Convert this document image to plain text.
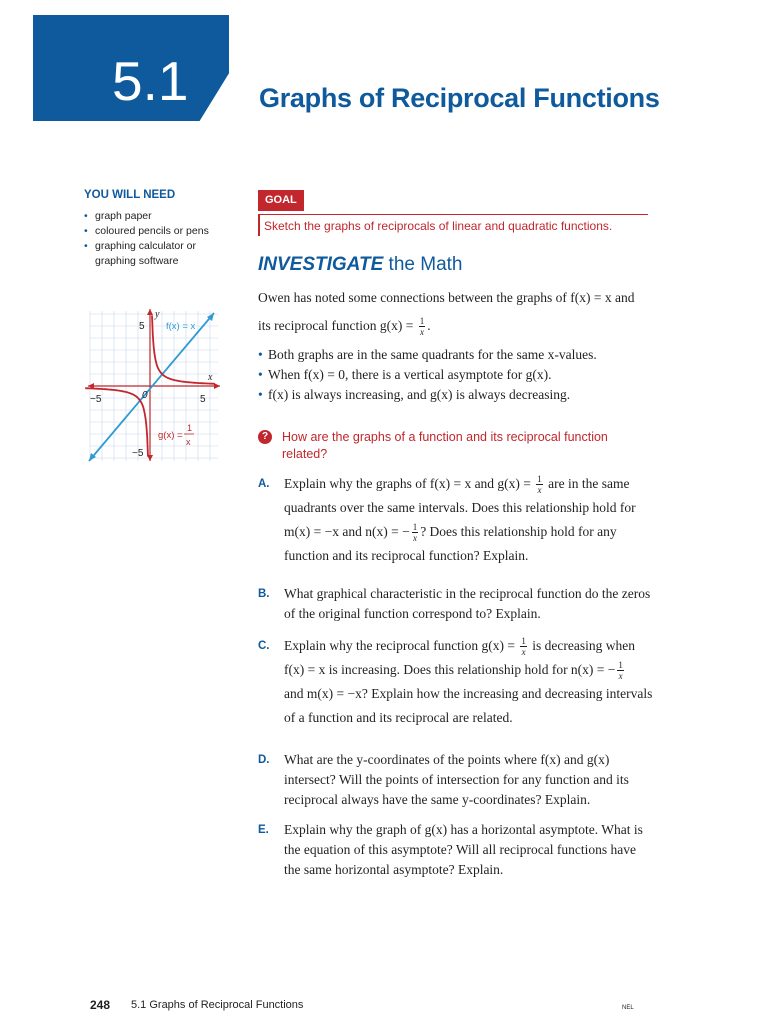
5.1	Graphs of Reciprocal Functions
YOU WILL NEED
• graph paper
• coloured pencils or pens
• graphing calculator or graphing software
y
x
5
−5
−5	5
0
f(x) = x
g(x) =
1
x
GOAL
Sketch the graphs of reciprocals of linear and quadratic functions.
INVESTIGATE the Math
Owen has noted some connections between the graphs of f(x) = x and
its reciprocal function $g(x) = \frac{1}{x}$ .
• Both graphs are in the same quadrants for the same x-values.
• When f(x) = 0, there is a vertical asymptote for g(x).
• f(x) is always increasing, and g(x) is always decreasing.
?	How are the graphs of a function and its reciprocal function related?
A. Explain why the graphs of f(x) = x and $g(x) = \frac{1}{x}$ are in the same
quadrants over the same intervals. Does this relationship hold for
m(x) = −x and n(x) = − $\frac{1}{x}$ ? Does this relationship hold for any
function and its reciprocal function? Explain.
B. What graphical characteristic in the reciprocal function do the zeros of the original function correspond to? Explain.
C. Explain why the reciprocal function $g(x) = \frac{1}{x}$ is decreasing when
f(x) = x is increasing. Does this relationship hold for n(x) = − $\frac{1}{x}$

and m(x) = −x? Explain how the increasing and decreasing intervals
of a function and its reciprocal are related.
D. What are the y-coordinates of the points where f(x) and g(x) intersect? Will the points of intersection for any function and its reciprocal always have the same y-coordinates? Explain.
E. Explain why the graph of g(x) has a horizontal asymptote. What is the equation of this asymptote? Will all reciprocal functions have the same horizontal asymptote? Explain.
248 5.1 Graphs of Reciprocal Functions	NEL
